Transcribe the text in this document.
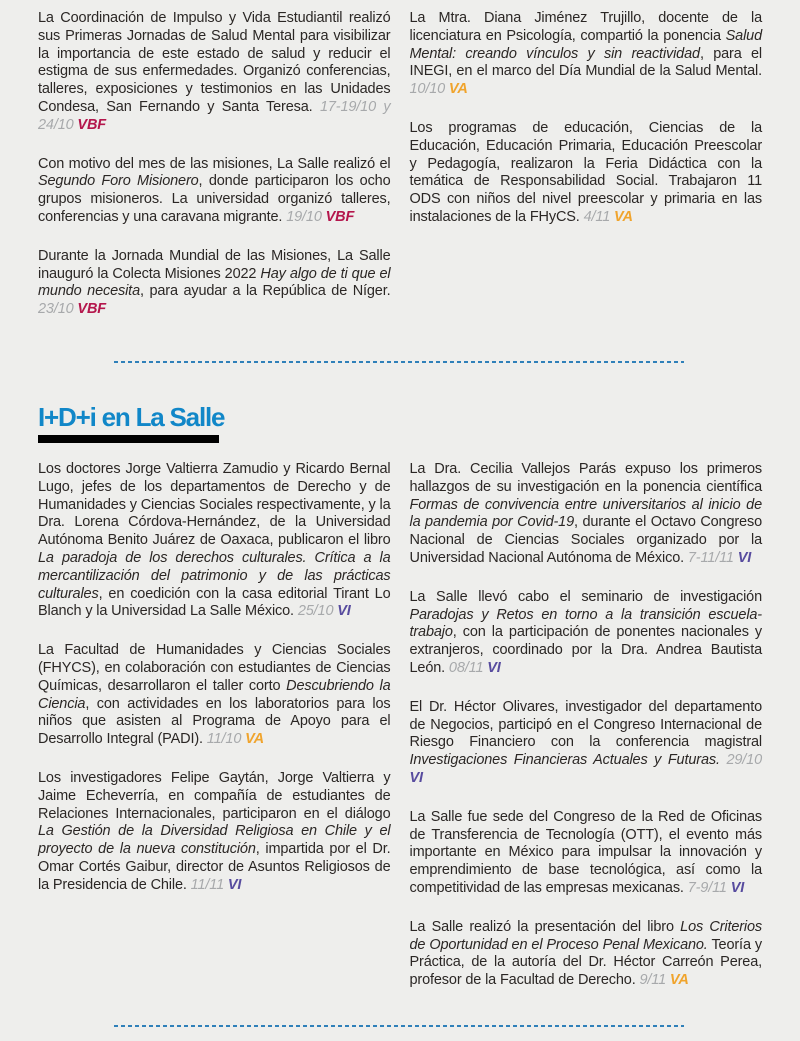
La Coordinación de Impulso y Vida Estudiantil realizó sus Primeras Jornadas de Salud Mental para visibilizar la importancia de este estado de salud y reducir el estigma de sus enfermedades. Organizó conferencias, talleres, exposiciones y testimonios en las Unidades Condesa, San Fernando y Santa Teresa. 17-19/10 y 24/10 VBF

Con motivo del mes de las misiones, La Salle realizó el Segundo Foro Misionero, donde participaron los ocho grupos misioneros. La universidad organizó talleres, conferencias y una caravana migrante. 19/10 VBF

Durante la Jornada Mundial de las Misiones, La Salle inauguró la Colecta Misiones 2022 Hay algo de ti que el mundo necesita, para ayudar a la República de Níger. 23/10 VBF

La Mtra. Diana Jiménez Trujillo, docente de la licenciatura en Psicología, compartió la ponencia Salud Mental: creando vínculos y sin reactividad, para el INEGI, en el marco del Día Mundial de la Salud Mental. 10/10 VA

Los programas de educación, Ciencias de la Educación, Educación Primaria, Educación Preescolar y Pedagogía, realizaron la Feria Didáctica con la temática de Responsabilidad Social. Trabajaron 11 ODS con niños del nivel preescolar y primaria en las instalaciones de la FHyCS. 4/11 VA

I+D+i en La Salle

Los doctores Jorge Valtierra Zamudio y Ricardo Bernal Lugo, jefes de los departamentos de Derecho y de Humanidades y Ciencias Sociales respectivamente, y la Dra. Lorena Córdova-Hernández, de la Universidad Autónoma Benito Juárez de Oaxaca, publicaron el libro La paradoja de los derechos culturales. Crítica a la mercantilización del patrimonio y de las prácticas culturales, en coedición con la casa editorial Tirant Lo Blanch y la Universidad La Salle México. 25/10 VI

La Facultad de Humanidades y Ciencias Sociales (FHYCS), en colaboración con estudiantes de Ciencias Químicas, desarrollaron el taller corto Descubriendo la Ciencia, con actividades en los laboratorios para los niños que asisten al Programa de Apoyo para el Desarrollo Integral (PADI). 11/10 VA

Los investigadores Felipe Gaytán, Jorge Valtierra y Jaime Echeverría, en compañía de estudiantes de Relaciones Internacionales, participaron en el diálogo La Gestión de la Diversidad Religiosa en Chile y el proyecto de la nueva constitución, impartida por el Dr. Omar Cortés Gaibur, director de Asuntos Religiosos de la Presidencia de Chile. 11/11 VI

La Dra. Cecilia Vallejos Parás expuso los primeros hallazgos de su investigación en la ponencia científica Formas de convivencia entre universitarios al inicio de la pandemia por Covid-19, durante el Octavo Congreso Nacional de Ciencias Sociales organizado por la Universidad Nacional Autónoma de México. 7-11/11 VI

La Salle llevó cabo el seminario de investigación Paradojas y Retos en torno a la transición escuela-trabajo, con la participación de ponentes nacionales y extranjeros, coordinado por la Dra. Andrea Bautista León. 08/11 VI

El Dr. Héctor Olivares, investigador del departamento de Negocios, participó en el Congreso Internacional de Riesgo Financiero con la conferencia magistral Investigaciones Financieras Actuales y Futuras. 29/10 VI

La Salle fue sede del Congreso de la Red de Oficinas de Transferencia de Tecnología (OTT), el evento más importante en México para impulsar la innovación y emprendimiento de base tecnológica, así como la competitividad de las empresas mexicanas. 7-9/11 VI

La Salle realizó la presentación del libro Los Criterios de Oportunidad en el Proceso Penal Mexicano. Teoría y Práctica, de la autoría del Dr. Héctor Carreón Perea, profesor de la Facultad de Derecho. 9/11 VA
